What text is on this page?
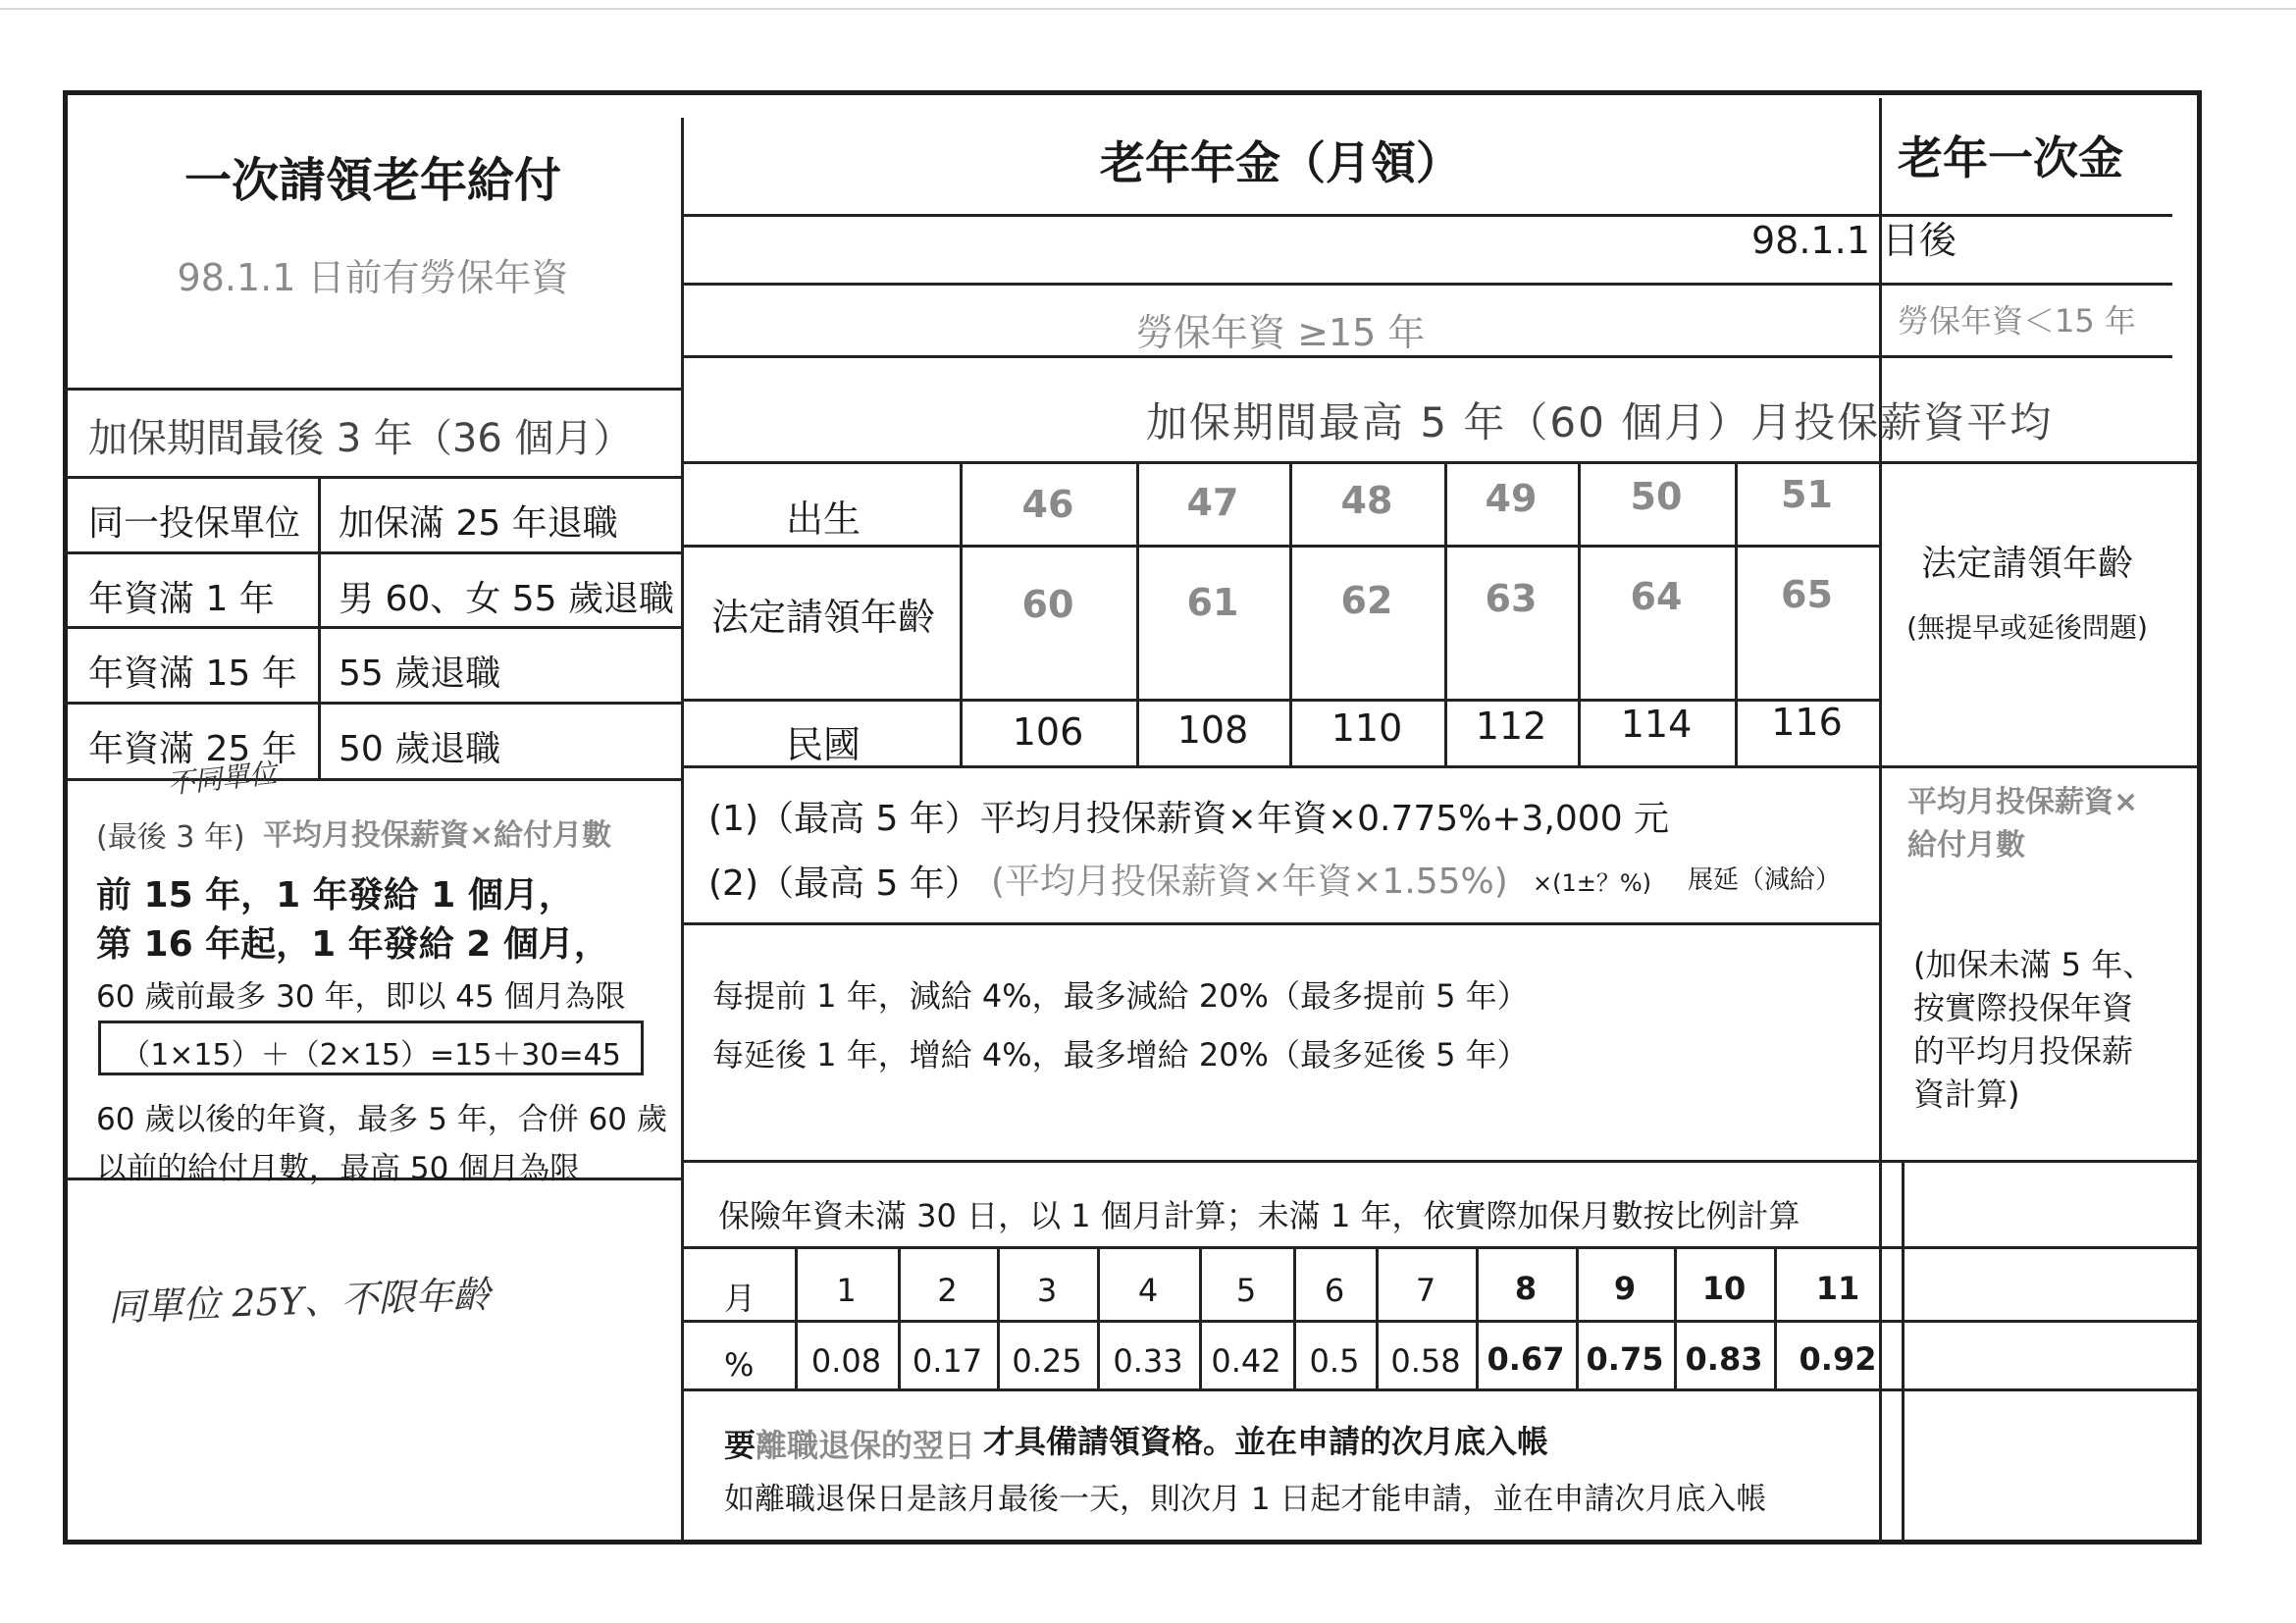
一次請領老年給付
98.1.1 日前有勞保年資
加保期間最後 3 年（36 個月）
同一投保單位 加保滿 25 年退職
年資滿 1 年 男 60、女 55 歲退職
年資滿 15 年 55 歲退職
年資滿 25 年 50 歲退職
不同單位
(最後 3 年) 平均月投保薪資×給付月數
前 15 年，1 年發給 1 個月，
第 16 年起，1 年發給 2 個月，
60 歲前最多 30 年，即以 45 個月為限
（1×15）＋（2×15）=15＋30=45
60 歲以後的年資，最多 5 年，合併 60 歲
以前的給付月數，最高 50 個月為限
同單位 25Y、不限年齡
老年年金（月領）
98.1.1 日後
勞保年資 ≥15 年
加保期間最高 5 年（60 個月）月投保薪資平均
出生	46	47	48	49	50	51
法定請領年齡	60	61	62	63	64	65
民國	106	108	110	112	114	116
(1)（最高 5 年）平均月投保薪資×年資×0.775%+3,000 元
(2)（最高 5 年） (平均月投保薪資×年資×1.55%) ×(1±？%) 展延（減給）
每提前 1 年，減給 4%，最多減給 20%（最多提前 5 年）
每延後 1 年，增給 4%，最多增給 20%（最多延後 5 年）
保險年資未滿 30 日，以 1 個月計算；未滿 1 年，依實際加保月數按比例計算
月	1	2	3	4	5	6	7	8	9	10	11
%	0.08 0.17 0.25 0.33 0.42 0.5 0.58 0.67 0.75 0.83	0.92
要 離職退保的翌日 才具備請領資格。並在申請的次月底入帳
如離職退保日是該月最後一天，則次月 1 日起才能申請，並在申請次月底入帳
老年一次金
勞保年資＜15 年
法定請領年齡
(無提早或延後問題)
平均月投保薪資×給付月數
(加保未滿 5 年、
按實際投保年資
的平均月投保薪
資計算)
